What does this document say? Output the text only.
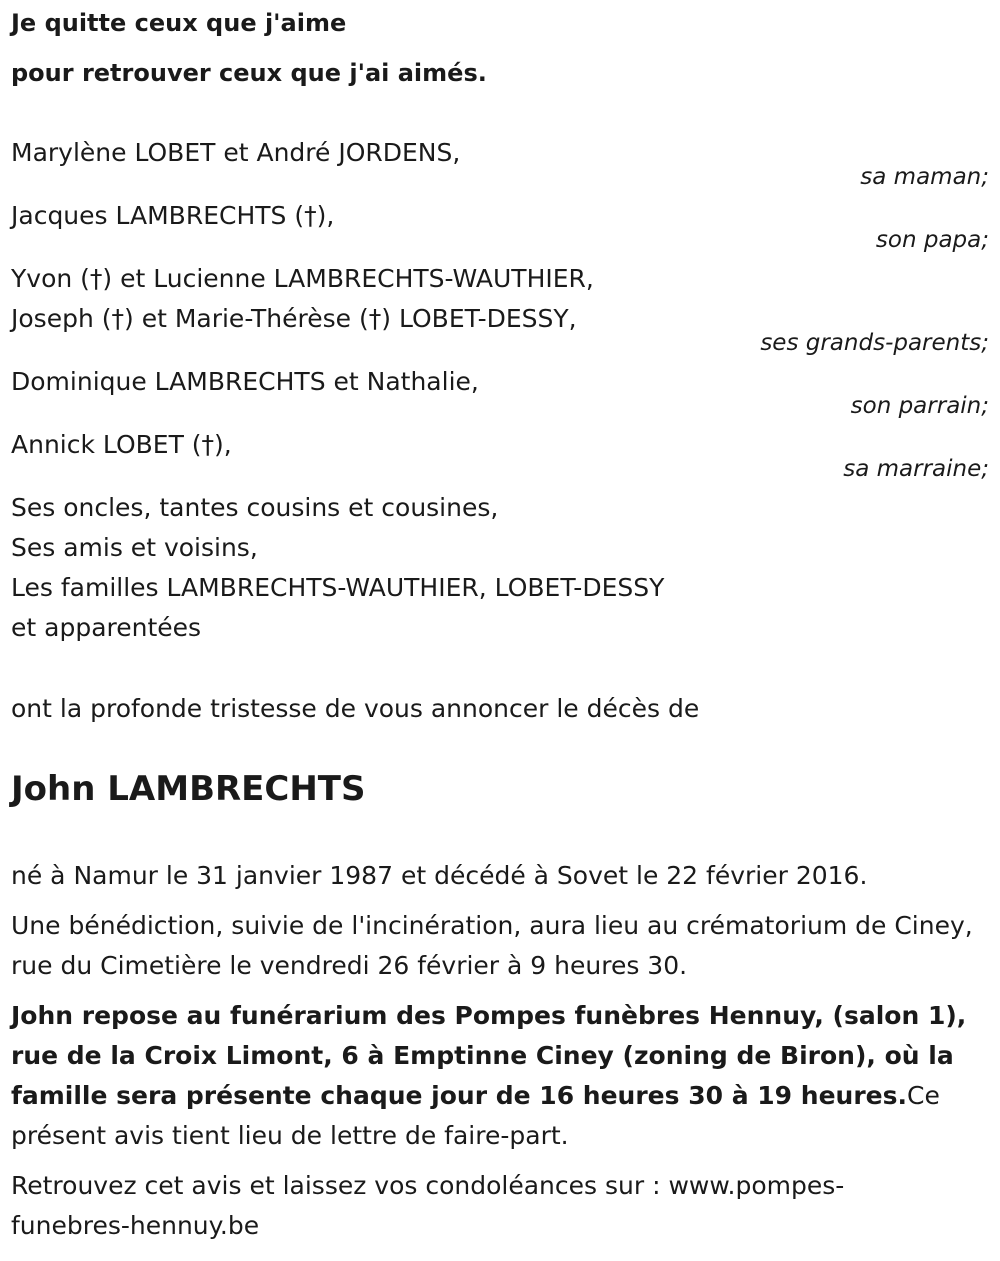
Je quitte ceux que j'aime
pour retrouver ceux que j'ai aimés.
Marylène LOBET et André JORDENS,
sa maman;
Jacques LAMBRECHTS (†),
son papa;
Yvon (†) et Lucienne LAMBRECHTS-WAUTHIER,
Joseph (†) et Marie-Thérèse (†) LOBET-DESSY,
ses grands-parents;
Dominique LAMBRECHTS et Nathalie,
son parrain;
Annick LOBET (†),
sa marraine;
Ses oncles, tantes cousins et cousines,
Ses amis et voisins,
Les familles LAMBRECHTS-WAUTHIER, LOBET-DESSY
et apparentées
ont la profonde tristesse de vous annoncer le décès de
John LAMBRECHTS
né à Namur le 31 janvier 1987 et décédé à Sovet le 22 février 2016.
Une bénédiction, suivie de l'incinération, aura lieu au crématorium de Ciney, rue du Cimetière le vendredi 26 février à 9 heures 30.
John repose au funérarium des Pompes funèbres Hennuy, (salon 1), rue de la Croix Limont, 6 à Emptinne Ciney (zoning de Biron), où la famille sera présente chaque jour de 16 heures 30 à 19 heures.Ce présent avis tient lieu de lettre de faire-part.
Retrouvez cet avis et laissez vos condoléances sur : www.pompes-funebres-hennuy.be
